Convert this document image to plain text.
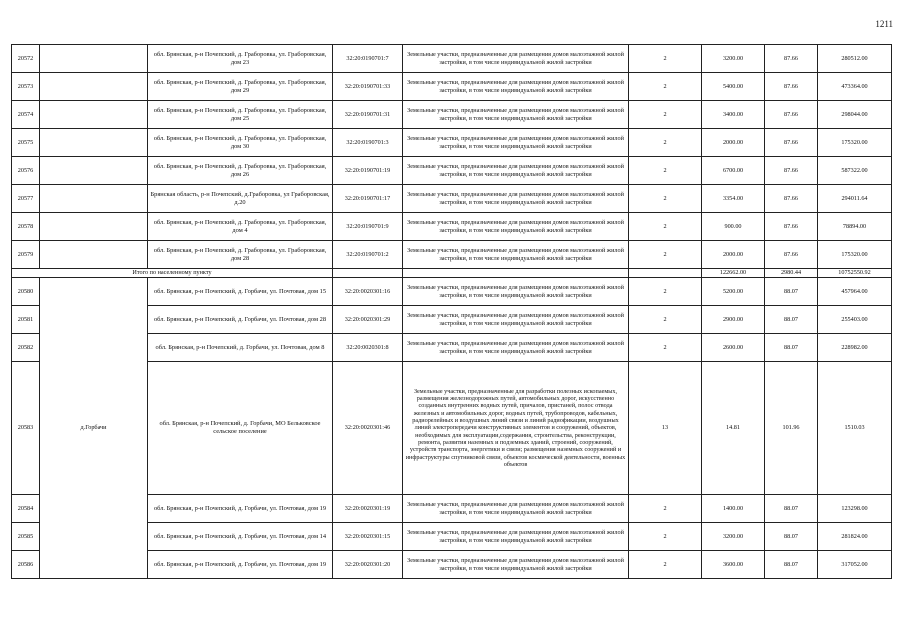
1211
20572		обл. Брянская, р-н Почепский, д. Граборовка, ул. Граборовская, дом 23	32:20:0190701:7	Земельные участки, предназначенные для размещения домов малоэтажной жилой застройки, в том числе индивидуальной жилой застройки	2	3200.00	87.66	280512.00
20573		обл. Брянская, р-н Почепский, д. Граборовка, ул. Граборовская, дом 29	32:20:0190701:33	Земельные участки, предназначенные для размещения домов малоэтажной жилой застройки, в том числе индивидуальной жилой застройки	2	5400.00	87.66	473364.00
20574		обл. Брянская, р-н Почепский, д. Граборовка, ул. Граборовская, дом 25	32:20:0190701:31	Земельные участки, предназначенные для размещения домов малоэтажной жилой застройки, в том числе индивидуальной жилой застройки	2	3400.00	87.66	298044.00
20575		обл. Брянская, р-н Почепский, д. Граборовка, ул. Граборовская, дом 30	32:20:0190701:3	Земельные участки, предназначенные для размещения домов малоэтажной жилой застройки, в том числе индивидуальной жилой застройки	2	2000.00	87.66	175320.00
20576		обл. Брянская, р-н Почепский, д. Граборовка, ул. Граборовская, дом 26	32:20:0190701:19	Земельные участки, предназначенные для размещения домов малоэтажной жилой застройки, в том числе индивидуальной жилой застройки	2	6700.00	87.66	587322.00
20577		Брянская область, р-н Почепский, д.Граборовка, ул Граборовская, д.20	32:20:0190701:17	Земельные участки, предназначенные для размещения домов малоэтажной жилой застройки, в том числе индивидуальной жилой застройки	2	3354.00	87.66	294011.64
20578		обл. Брянская, р-н Почепский, д. Граборовка, ул. Граборовская, дом 4	32:20:0190701:9	Земельные участки, предназначенные для размещения домов малоэтажной жилой застройки, в том числе индивидуальной жилой застройки	2	900.00	87.66	78894.00
20579		обл. Брянская, р-н Почепский, д. Граборовка, ул. Граборовская, дом 28	32:20:0190701:2	Земельные участки, предназначенные для размещения домов малоэтажной жилой застройки, в том числе индивидуальной жилой застройки	2	2000.00	87.66	175320.00
Итого по населенному пункту						122662.00	2980.44	10752550.92
20580	д.Горбачи	обл. Брянская, р-н Почепский, д. Горбачи, ул. Почтовая, дом 15	32:20:0020301:16	Земельные участки, предназначенные для размещения домов малоэтажной жилой застройки, в том числе индивидуальной жилой застройки	2	5200.00	88.07	457964.00
20581		обл. Брянская, р-н Почепский, д. Горбачи, ул. Почтовая, дом 28	32:20:0020301:29	Земельные участки, предназначенные для размещения домов малоэтажной жилой застройки, в том числе индивидуальной жилой застройки	2	2900.00	88.07	255403.00
20582		обл. Брянская, р-н Почепский, д. Горбачи, ул. Почтовая, дом 8	32:20:0020301:8	Земельные участки, предназначенные для размещения домов малоэтажной жилой застройки, в том числе индивидуальной жилой застройки	2	2600.00	88.07	228982.00
20583		обл. Брянская, р-н Почепский, д. Горбачи, МО Бельковское сельское поселение	32:20:0020301:46	Земельные участки, предназначенные для разработки полезных ископаемых, размещения железнодорожных путей, автомобильных дорог, искусственно созданных внутренних водных путей, причалов, пристаней, полос отвода железных и автомобильных дорог, водных путей, трубопроводов, кабельных, радиорелейных и воздушных линий связи и линий радиофикации, воздушных линий электропередачи конструктивных элементов и сооружений, объектов, необходимых для эксплуатации,содержания, строительства, реконструкции, ремонта, развития наземных и подземных зданий, строений, сооружений, устройств транспорта, энергетики и связи; размещения наземных сооружений и инфраструктуры спутниковой связи, объектов космической деятельности, военных объектов	13	14.81	101.96	1510.03
20584		обл. Брянская, р-н Почепский, д. Горбачи, ул. Почтовая, дом 19	32:20:0020301:19	Земельные участки, предназначенные для размещения домов малоэтажной жилой застройки, в том числе индивидуальной жилой застройки	2	1400.00	88.07	123298.00
20585		обл. Брянская, р-н Почепский, д. Горбачи, ул. Почтовая, дом 14	32:20:0020301:15	Земельные участки, предназначенные для размещения домов малоэтажной жилой застройки, в том числе индивидуальной жилой застройки	2	3200.00	88.07	281824.00
20586		обл. Брянская, р-н Почепский, д. Горбачи, ул. Почтовая, дом 19	32:20:0020301:20	Земельные участки, предназначенные для размещения домов малоэтажной жилой застройки, в том числе индивидуальной жилой застройки	2	3600.00	88.07	317052.00
